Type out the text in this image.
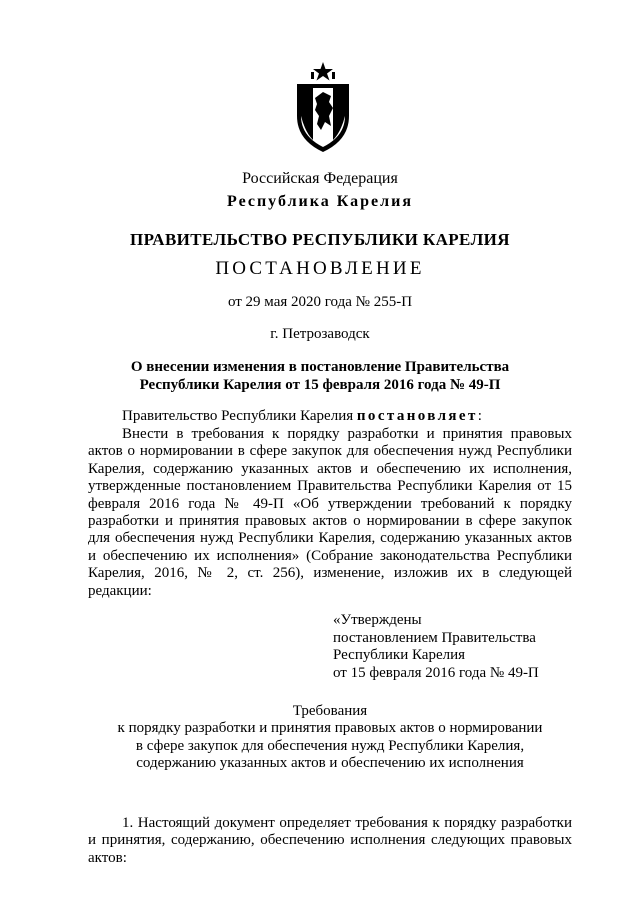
Российская Федерация
Республика Карелия
ПРАВИТЕЛЬСТВО РЕСПУБЛИКИ КАРЕЛИЯ
ПОСТАНОВЛЕНИЕ
от 29 мая 2020 года № 255-П
г. Петрозаводск
О внесении изменения в постановление Правительства
Республики Карелия от 15 февраля 2016 года № 49-П
Правительство Республики Карелия постановляет:
Внести в требования к порядку разработки и принятия правовых актов о нормировании в сфере закупок для обеспечения нужд Республики Карелия, содержанию указанных актов и обеспечению их исполнения, утвержденные постановлением Правительства Республики Карелия от 15 февраля 2016 года № 49-П «Об утверждении требований к порядку разработки и принятия правовых актов о нормировании в сфере закупок для обеспечения нужд Республики Карелия, содержанию указанных актов и обеспечению их исполнения» (Собрание законодательства Республики Карелия, 2016, № 2, ст. 256), изменение, изложив их в следующей редакции:
«Утверждены
постановлением Правительства
Республики Карелия
от 15 февраля 2016 года № 49-П
Требования
к порядку разработки и принятия правовых актов о нормировании
в сфере закупок для обеспечения нужд Республики Карелия,
содержанию указанных актов и обеспечению их исполнения
1. Настоящий документ определяет требования к порядку разработки и принятия, содержанию, обеспечению исполнения следующих правовых актов:
